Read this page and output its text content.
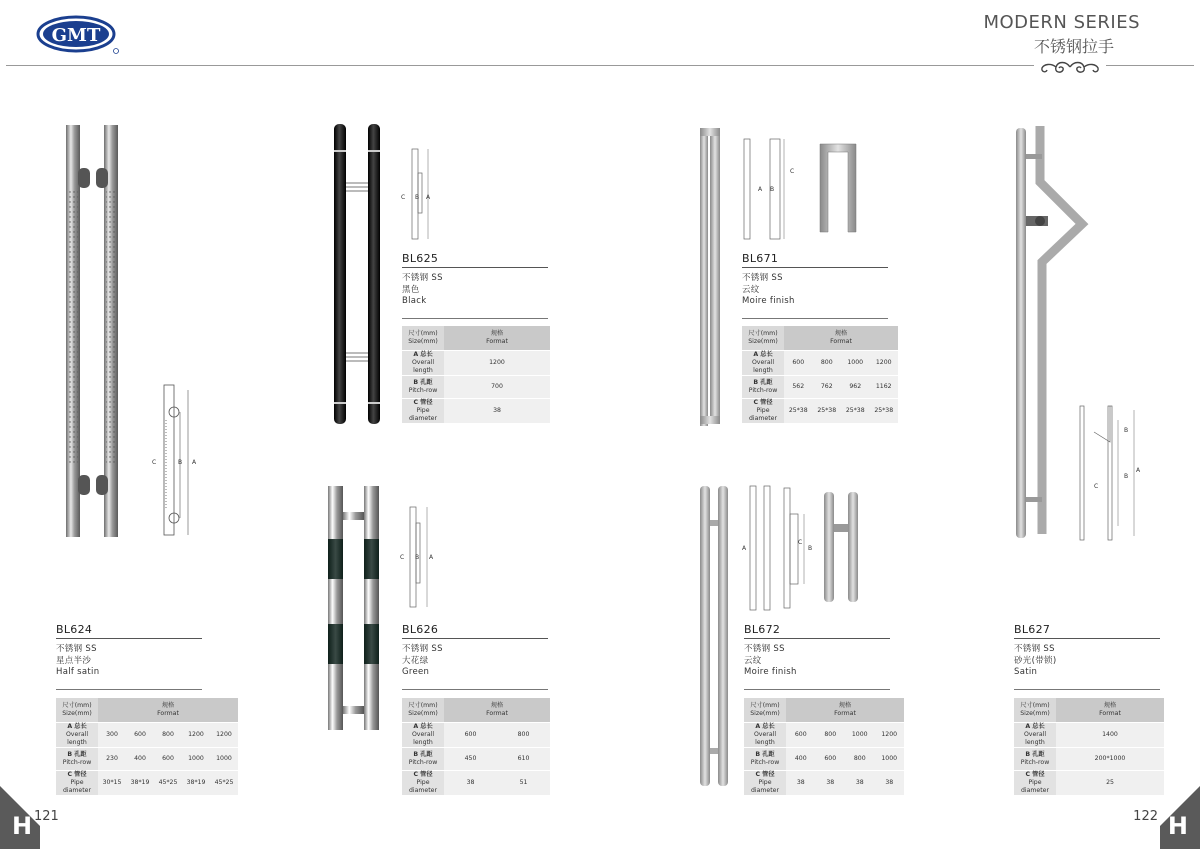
GMT
MODERN SERIES
不锈钢拉手
C	B A
C B A
C B A
A B
C
A
C
B
C
B
B
A
BL624
不锈钢 SS
星点半沙
Half satin
BL625
不锈钢 SS
黑色
Black
BL626
不锈钢 SS
大花绿
Green
BL671
不锈钢 SS
云纹
Moire finish
BL672
不锈钢 SS
云纹
Moire finish
BL627
不锈钢 SS
砂光(带锁)
Satin
尺寸(mm)
Size(mm)	规格
Format				
A 总长
Overall length	300	600	800	1200	1200
B 孔距
Pitch-row	230	400	600	1000	1000
C 管径
Pipe diameter	30*15	38*19	45*25	38*19	45*25
尺寸(mm)
Size(mm)	规格
Format
A 总长
Overall length	1200
B 孔距
Pitch-row	700
C 管径
Pipe diameter	38
尺寸(mm)
Size(mm)	规格
Format	
A 总长
Overall length	600	800
B 孔距
Pitch-row	450	610
C 管径
Pipe diameter	38	51
尺寸(mm)
Size(mm)	规格
Format			
A 总长
Overall length	600	800	1000	1200
B 孔距
Pitch-row	562	762	962	1162
C 管径
Pipe diameter	25*38	25*38	25*38	25*38
尺寸(mm)
Size(mm)	规格
Format			
A 总长
Overall length	600	800	1000	1200
B 孔距
Pitch-row	400	600	800	1000
C 管径
Pipe diameter	38	38	38	38
尺寸(mm)
Size(mm)	规格
Format
A 总长
Overall length	1400
B 孔距
Pitch-row	200*1000
C 管径
Pipe diameter	25
H	H
121	122
